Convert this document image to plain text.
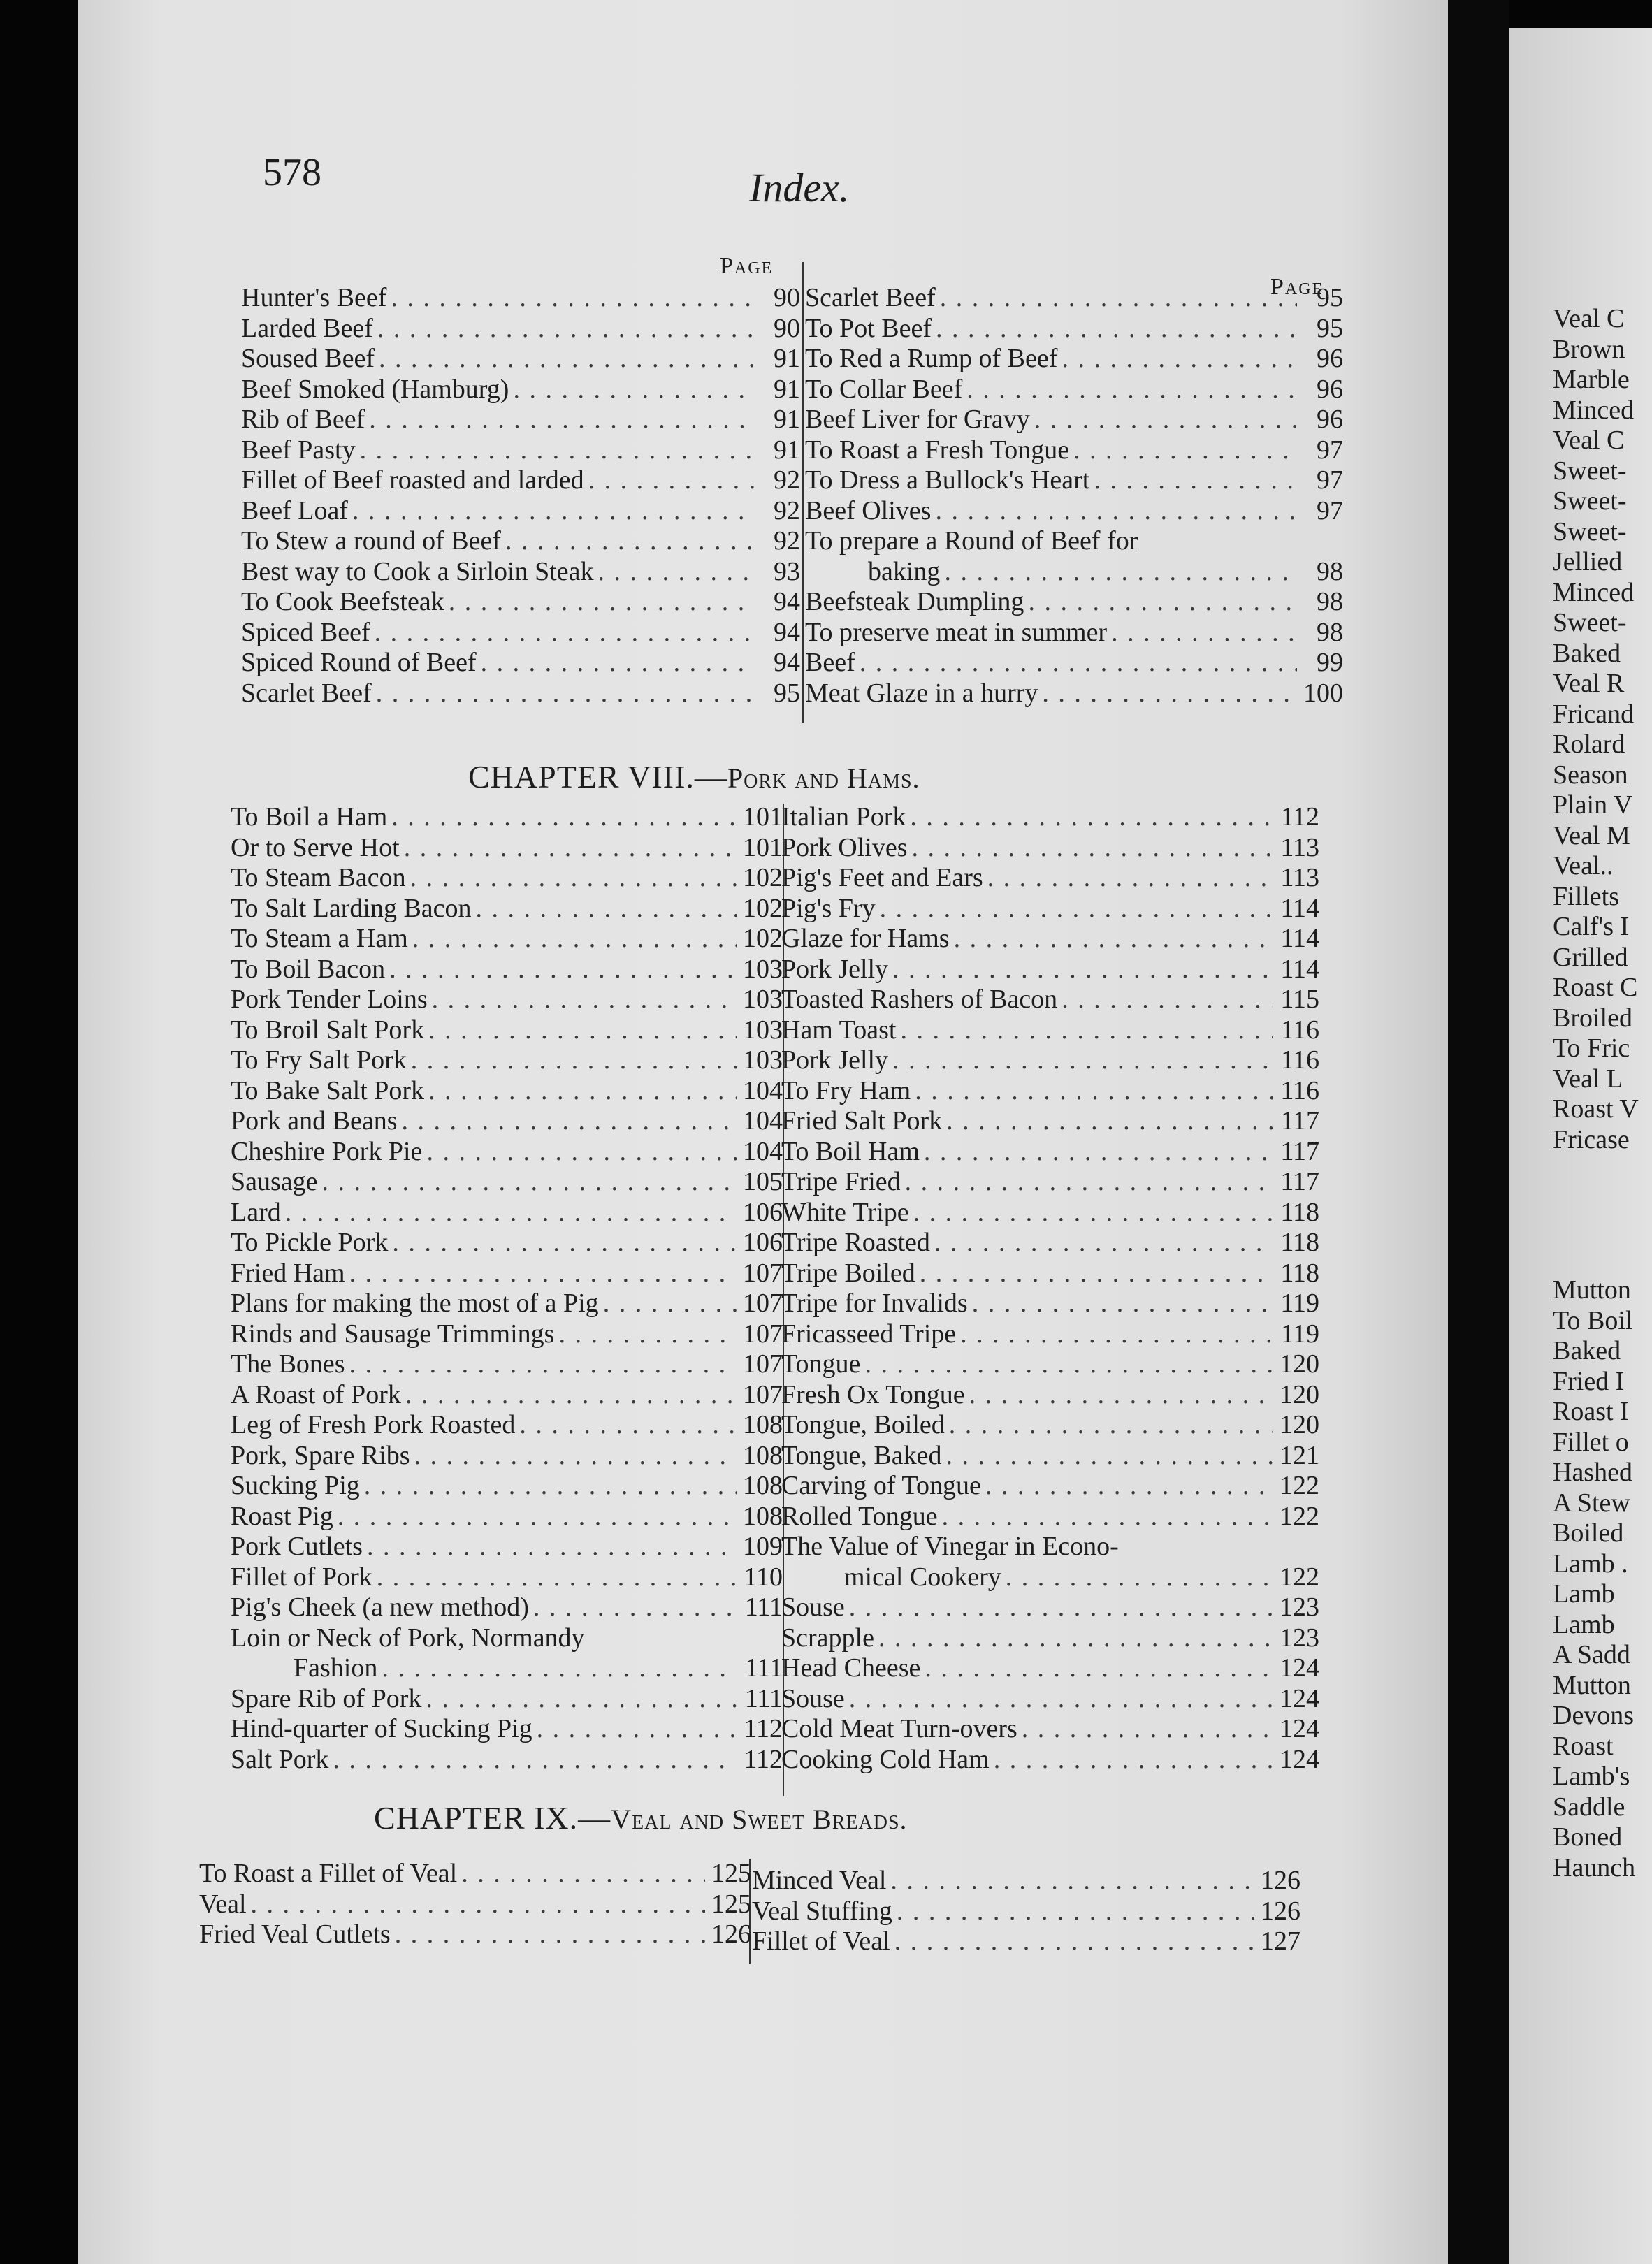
Veal C
Brown
Marble
Minced
Veal C
Sweet-
Sweet-
Sweet-
Jellied
Minced
Sweet-
Baked
Veal R
Fricand
Rolard
Season
Plain V
Veal M
Veal..
Fillets
Calf's I
Grilled
Roast C
Broiled
To Fric
Veal L
Roast V
Fricase
Mutton
To Boil
Baked
Fried I
Roast I
Fillet o
Hashed
A Stew
Boiled
Lamb .
Lamb
Lamb
A Sadd
Mutton
Devons
Roast
Lamb's
Saddle
Boned
Haunch
578	Index.
Page
Page
Hunter's Beef . . .	90
Larded Beef . . .	90
Soused Beef . . .	91
Beef Smoked (Hamburg) . . .	91
Rib of Beef . . .	91
Beef Pasty . . .	91
Fillet of Beef roasted and larded . . .	92
Beef Loaf . . .	92
To Stew a round of Beef . . .	92
Best way to Cook a Sirloin Steak . . .	93
To Cook Beefsteak . . .	94
Spiced Beef . . .	94
Spiced Round of Beef . . .	94
Scarlet Beef . . .	95
Scarlet Beef . . .	95
To Pot Beef . . .	95
To Red a Rump of Beef . . .	96
To Collar Beef . . .	96
Beef Liver for Gravy . . .	96
To Roast a Fresh Tongue . . .	97
To Dress a Bullock's Heart . . .	97
Beef Olives . . .	97
To prepare a Round of Beef for
baking . . .	98
Beefsteak Dumpling . . .	98
To preserve meat in summer . . .	98
Beef . . .	99
Meat Glaze in a hurry . . .	100
CHAPTER VIII.—Pork and Hams.
To Boil a Ham . . .	101
Or to Serve Hot . . .	101
To Steam Bacon . . .	102
To Salt Larding Bacon . . .	102
To Steam a Ham . . .	102
To Boil Bacon . . .	103
Pork Tender Loins . . .	103
To Broil Salt Pork . . .	103
To Fry Salt Pork . . .	103
To Bake Salt Pork . . .	104
Pork and Beans . . .	104
Cheshire Pork Pie . . .	104
Sausage . . .	105
Lard . . .	106
To Pickle Pork . . .	106
Fried Ham . . .	107
Plans for making the most of a Pig . . .	107
Rinds and Sausage Trimmings . . .	107
The Bones . . .	107
A Roast of Pork . . .	107
Leg of Fresh Pork Roasted . . .	108
Pork, Spare Ribs . . .	108
Sucking Pig . . .	108
Roast Pig . . .	108
Pork Cutlets . . .	109
Fillet of Pork . . .	110
Pig's Cheek (a new method) . . .	111
Loin or Neck of Pork, Normandy
Fashion . . .	111
Spare Rib of Pork . . .	111
Hind-quarter of Sucking Pig . . .	112
Salt Pork . . .	112
Italian Pork . . .	112
Pork Olives . . .	113
Pig's Feet and Ears . . .	113
Pig's Fry . . .	114
Glaze for Hams . . .	114
Pork Jelly . . .	114
Toasted Rashers of Bacon . . .	115
Ham Toast . . .	116
Pork Jelly . . .	116
To Fry Ham . . .	116
Fried Salt Pork . . .	117
To Boil Ham . . .	117
Tripe Fried . . .	117
White Tripe . . .	118
Tripe Roasted . . .	118
Tripe Boiled . . .	118
Tripe for Invalids . . .	119
Fricasseed Tripe . . .	119
Tongue . . .	120
Fresh Ox Tongue . . .	120
Tongue, Boiled . . .	120
Tongue, Baked . . .	121
Carving of Tongue . . .	122
Rolled Tongue . . .	122
The Value of Vinegar in Econo-
mical Cookery . . .	122
Souse . . .	123
Scrapple . . .	123
Head Cheese . . .	124
Souse . . .	124
Cold Meat Turn-overs . . .	124
Cooking Cold Ham . . .	124
CHAPTER IX.—Veal and Sweet Breads.
To Roast a Fillet of Veal . . .	125
Veal . . .	125
Fried Veal Cutlets . . .	126
Minced Veal . . .	126
Veal Stuffing . . .	126
Fillet of Veal . . .	127
